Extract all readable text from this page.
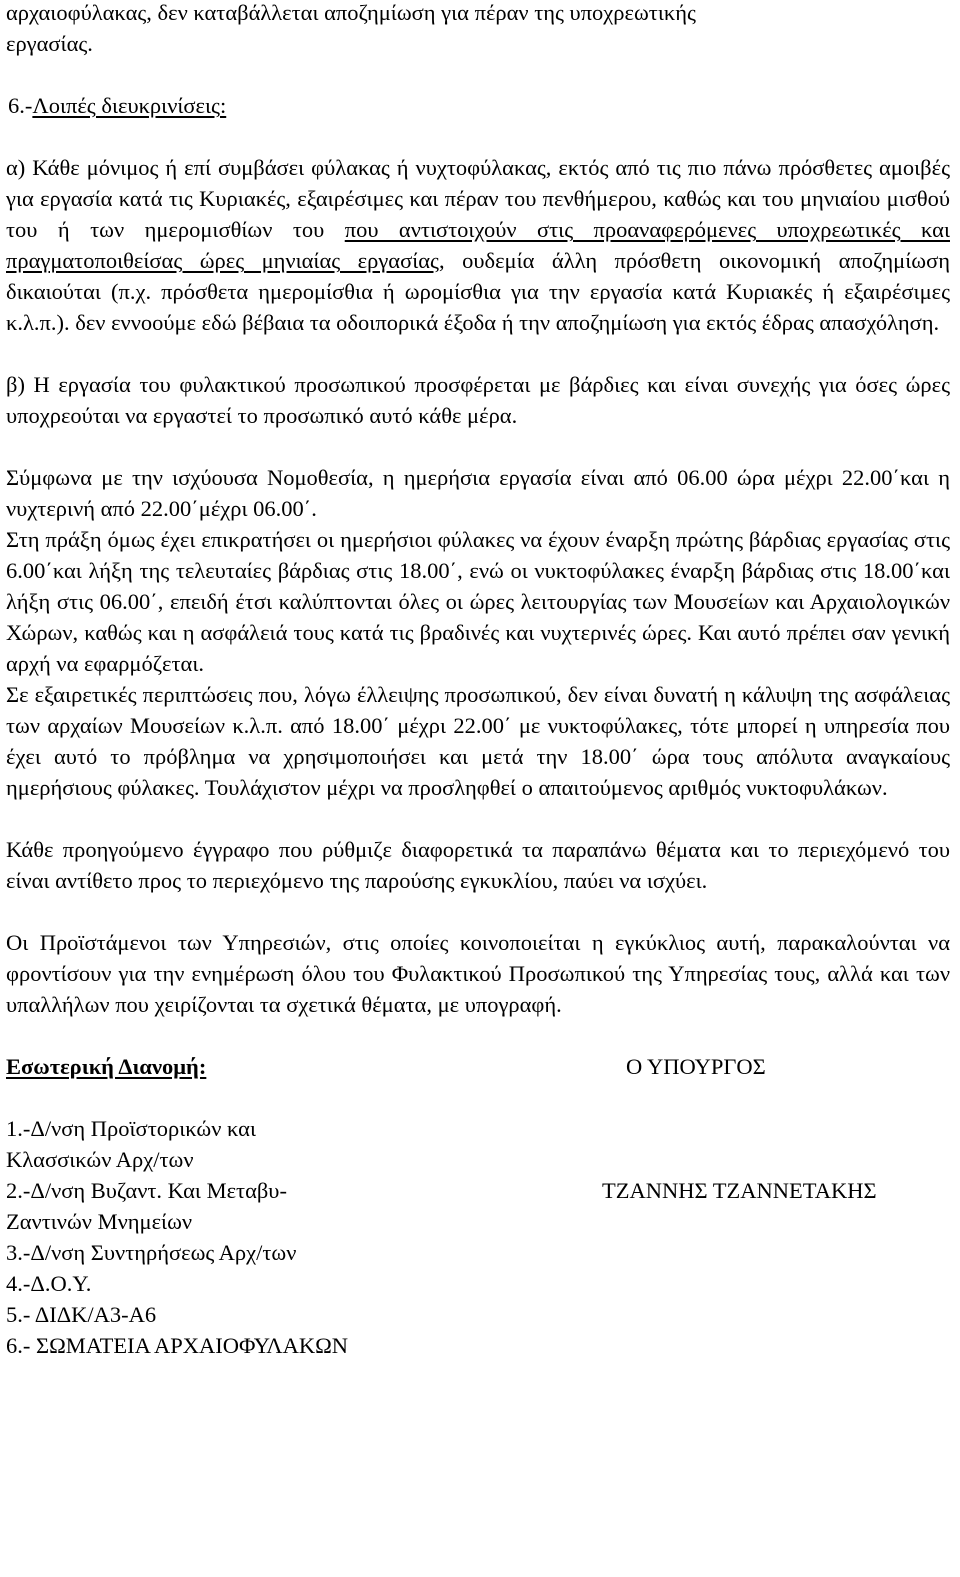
αρχαιοφύλακας, δεν καταβάλλεται αποζημίωση για πέραν της υποχρεωτικής
εργασίας.

6.-Λοιπές διευκρινίσεις:

α) Κάθε μόνιμος ή επί συμβάσει φύλακας ή νυχτοφύλακας, εκτός από τις πιο πάνω πρόσθετες αμοιβές για εργασία κατά τις Κυριακές, εξαιρέσιμες και πέραν του πενθήμερου, καθώς και του μηνιαίου μισθού του ή των ημερομισθίων του που αντιστοιχούν στις προαναφερόμενες υποχρεωτικές και πραγματοποιθείσας ώρες μηνιαίας εργασίας, ουδεμία άλλη πρόσθετη οικονομική αποζημίωση δικαιούται (π.χ. πρόσθετα ημερομίσθια ή ωρομίσθια για την εργασία κατά Κυριακές ή εξαιρέσιμες κ.λ.π.). δεν εννοούμε εδώ βέβαια τα οδοιπορικά έξοδα ή την αποζημίωση για εκτός έδρας απασχόληση.

β) Η εργασία του φυλακτικού προσωπικού προσφέρεται με βάρδιες και είναι συνεχής για όσες ώρες υποχρεούται να εργαστεί το προσωπικό αυτό κάθε μέρα.

Σύμφωνα με την ισχύουσα Νομοθεσία, η ημερήσια εργασία είναι από 06.00 ώρα μέχρι 22.00΄και η νυχτερινή από 22.00΄μέχρι 06.00΄.

Στη πράξη όμως έχει επικρατήσει οι ημερήσιοι φύλακες να έχουν έναρξη πρώτης βάρδιας εργασίας στις 6.00΄και λήξη της τελευταίες βάρδιας στις 18.00΄, ενώ οι νυκτοφύλακες έναρξη βάρδιας στις 18.00΄και λήξη στις 06.00΄, επειδή έτσι καλύπτονται όλες οι ώρες λειτουργίας των Μουσείων και Αρχαιολογικών Χώρων, καθώς και η ασφάλειά τους κατά τις βραδινές και νυχτερινές ώρες. Και αυτό πρέπει σαν γενική αρχή να εφαρμόζεται.

Σε εξαιρετικές περιπτώσεις που, λόγω έλλειψης προσωπικού, δεν είναι δυνατή η κάλυψη της ασφάλειας των αρχαίων Μουσείων κ.λ.π. από 18.00΄ μέχρι 22.00΄ με νυκτοφύλακες, τότε μπορεί η υπηρεσία που έχει αυτό το πρόβλημα να χρησιμοποιήσει και μετά την 18.00΄ ώρα τους απόλυτα αναγκαίους ημερήσιους φύλακες. Τουλάχιστον μέχρι να προσληφθεί ο απαιτούμενος αριθμός νυκτοφυλάκων.

Κάθε προηγούμενο έγγραφο που ρύθμιζε διαφορετικά τα παραπάνω θέματα και το περιεχόμενό του είναι αντίθετο προς το περιεχόμενο της παρούσης εγκυκλίου, παύει να ισχύει.

Οι Προϊστάμενοι των Υπηρεσιών, στις οποίες κοινοποιείται η εγκύκλιος αυτή, παρακαλούνται να φροντίσουν για την ενημέρωση όλου του Φυλακτικού Προσωπικού της Υπηρεσίας τους, αλλά και των υπαλλήλων που χειρίζονται τα σχετικά θέματα, με υπογραφή.

Εσωτερική Διανομή:

1.-Δ/νση Προϊστορικών και

Κλασσικών Αρχ/των

2.-Δ/νση Βυζαντ. Και Μεταβυ-

Ζαντινών Μνημείων

3.-Δ/νση Συντηρήσεως Αρχ/των

4.-Δ.Ο.Υ.

5.- ΔΙΔΚ/Α3-Α6

6.- ΣΩΜΑΤΕΙΑ ΑΡΧΑΙΟΦΥΛΑΚΩΝ

Ο ΥΠΟΥΡΓΟΣ

ΤΖΑΝΝΗΣ ΤΖΑΝΝΕΤΑΚΗΣ
